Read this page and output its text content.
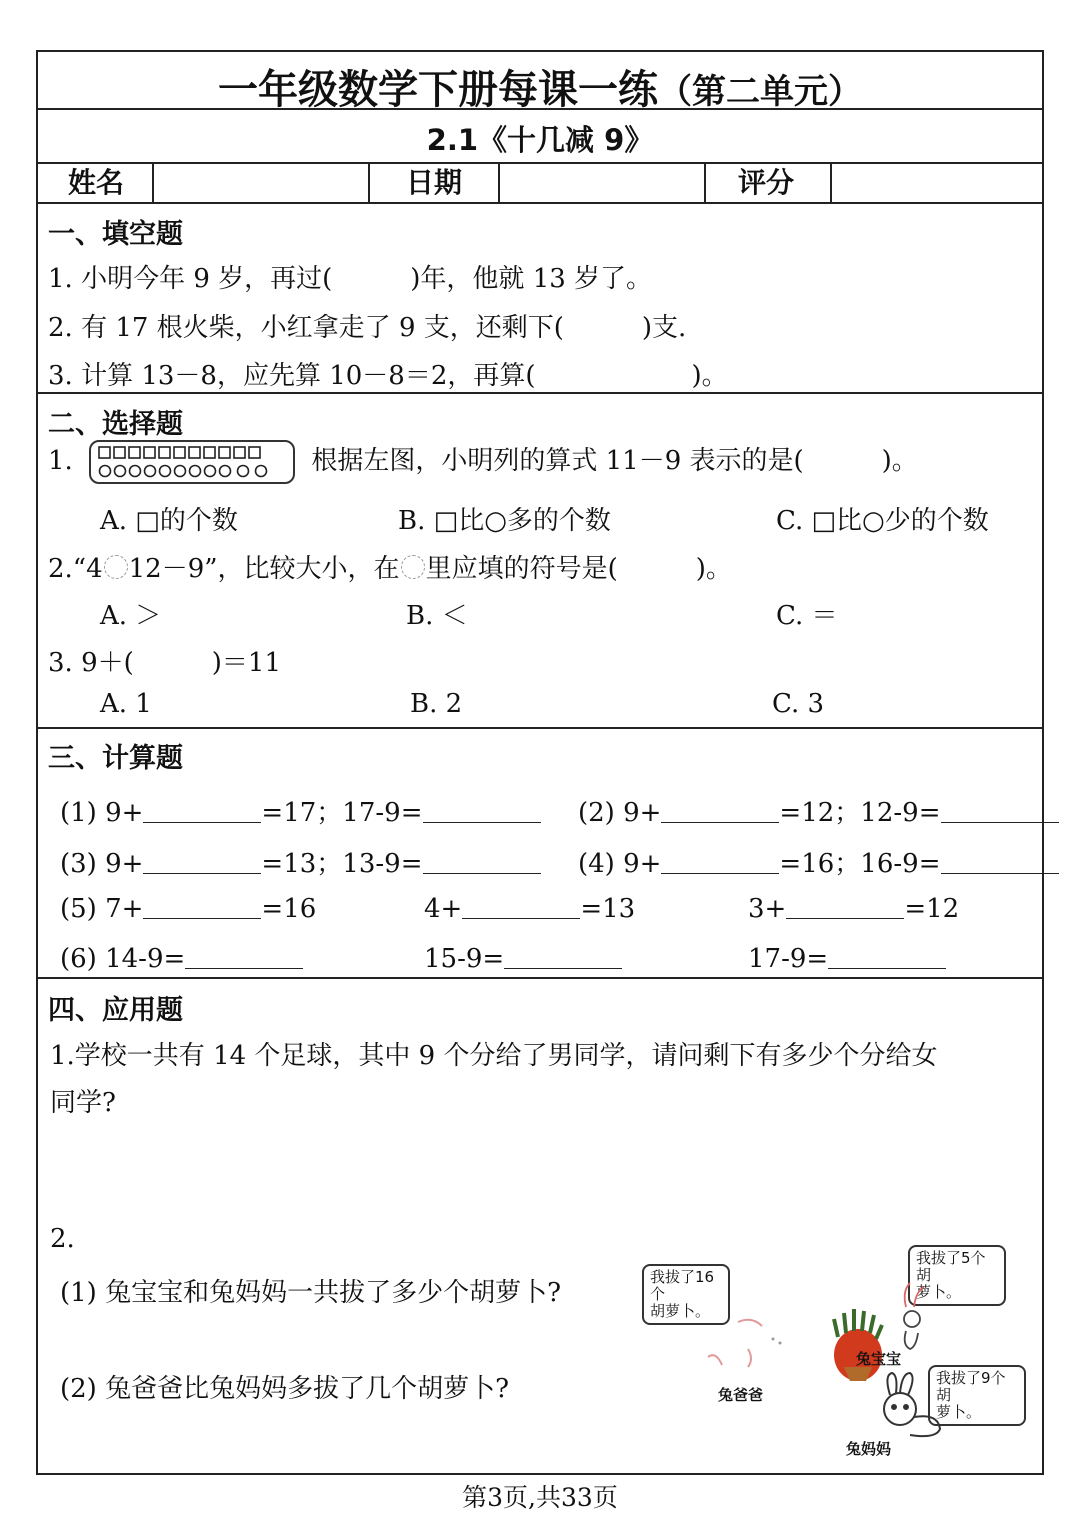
一年级数学下册每课一练（第二单元）
2.1《十几减 9》
姓名	日期	评分
一、填空题
1. 小明今年 9 岁，再过(　　　)年，他就 13 岁了。
2. 有 17 根火柴，小红拿走了 9 支，还剩下(　　　)支.
3. 计算 13－8，应先算 10－8＝2，再算(　　　　　　)。
二、选择题
1.	根据左图，小明列的算式 11－9 表示的是(　　　)。
A. □的个数	B. □比○多的个数	C. □比○少的个数
2.“4 12－9”，比较大小，在 里应填的符号是(　　　)。
A. ＞	B. ＜	C. ＝
3. 9＋(　　　)＝11
A. 1	B. 2	C. 3
三、计算题
(1) 9+	=17；17-9=	(2) 9+	=12；12-9=
(3) 9+	=13；13-9=	(4) 9+	=16；16-9=
(5) 7+	=16	4+	=13	3+	=12
(6) 14-9=	15-9=	17-9=
四、应用题
1.学校一共有 14 个足球，其中 9 个分给了男同学，请问剩下有多少个分给女
同学?
2.
(1) 兔宝宝和兔妈妈一共拔了多少个胡萝卜?
(2) 兔爸爸比兔妈妈多拔了几个胡萝卜?
我拔了16个
胡萝卜。
我拔了5个胡
萝卜。
我拔了9个胡
萝卜。
兔爸爸
兔宝宝
兔妈妈
第3页,共33页
